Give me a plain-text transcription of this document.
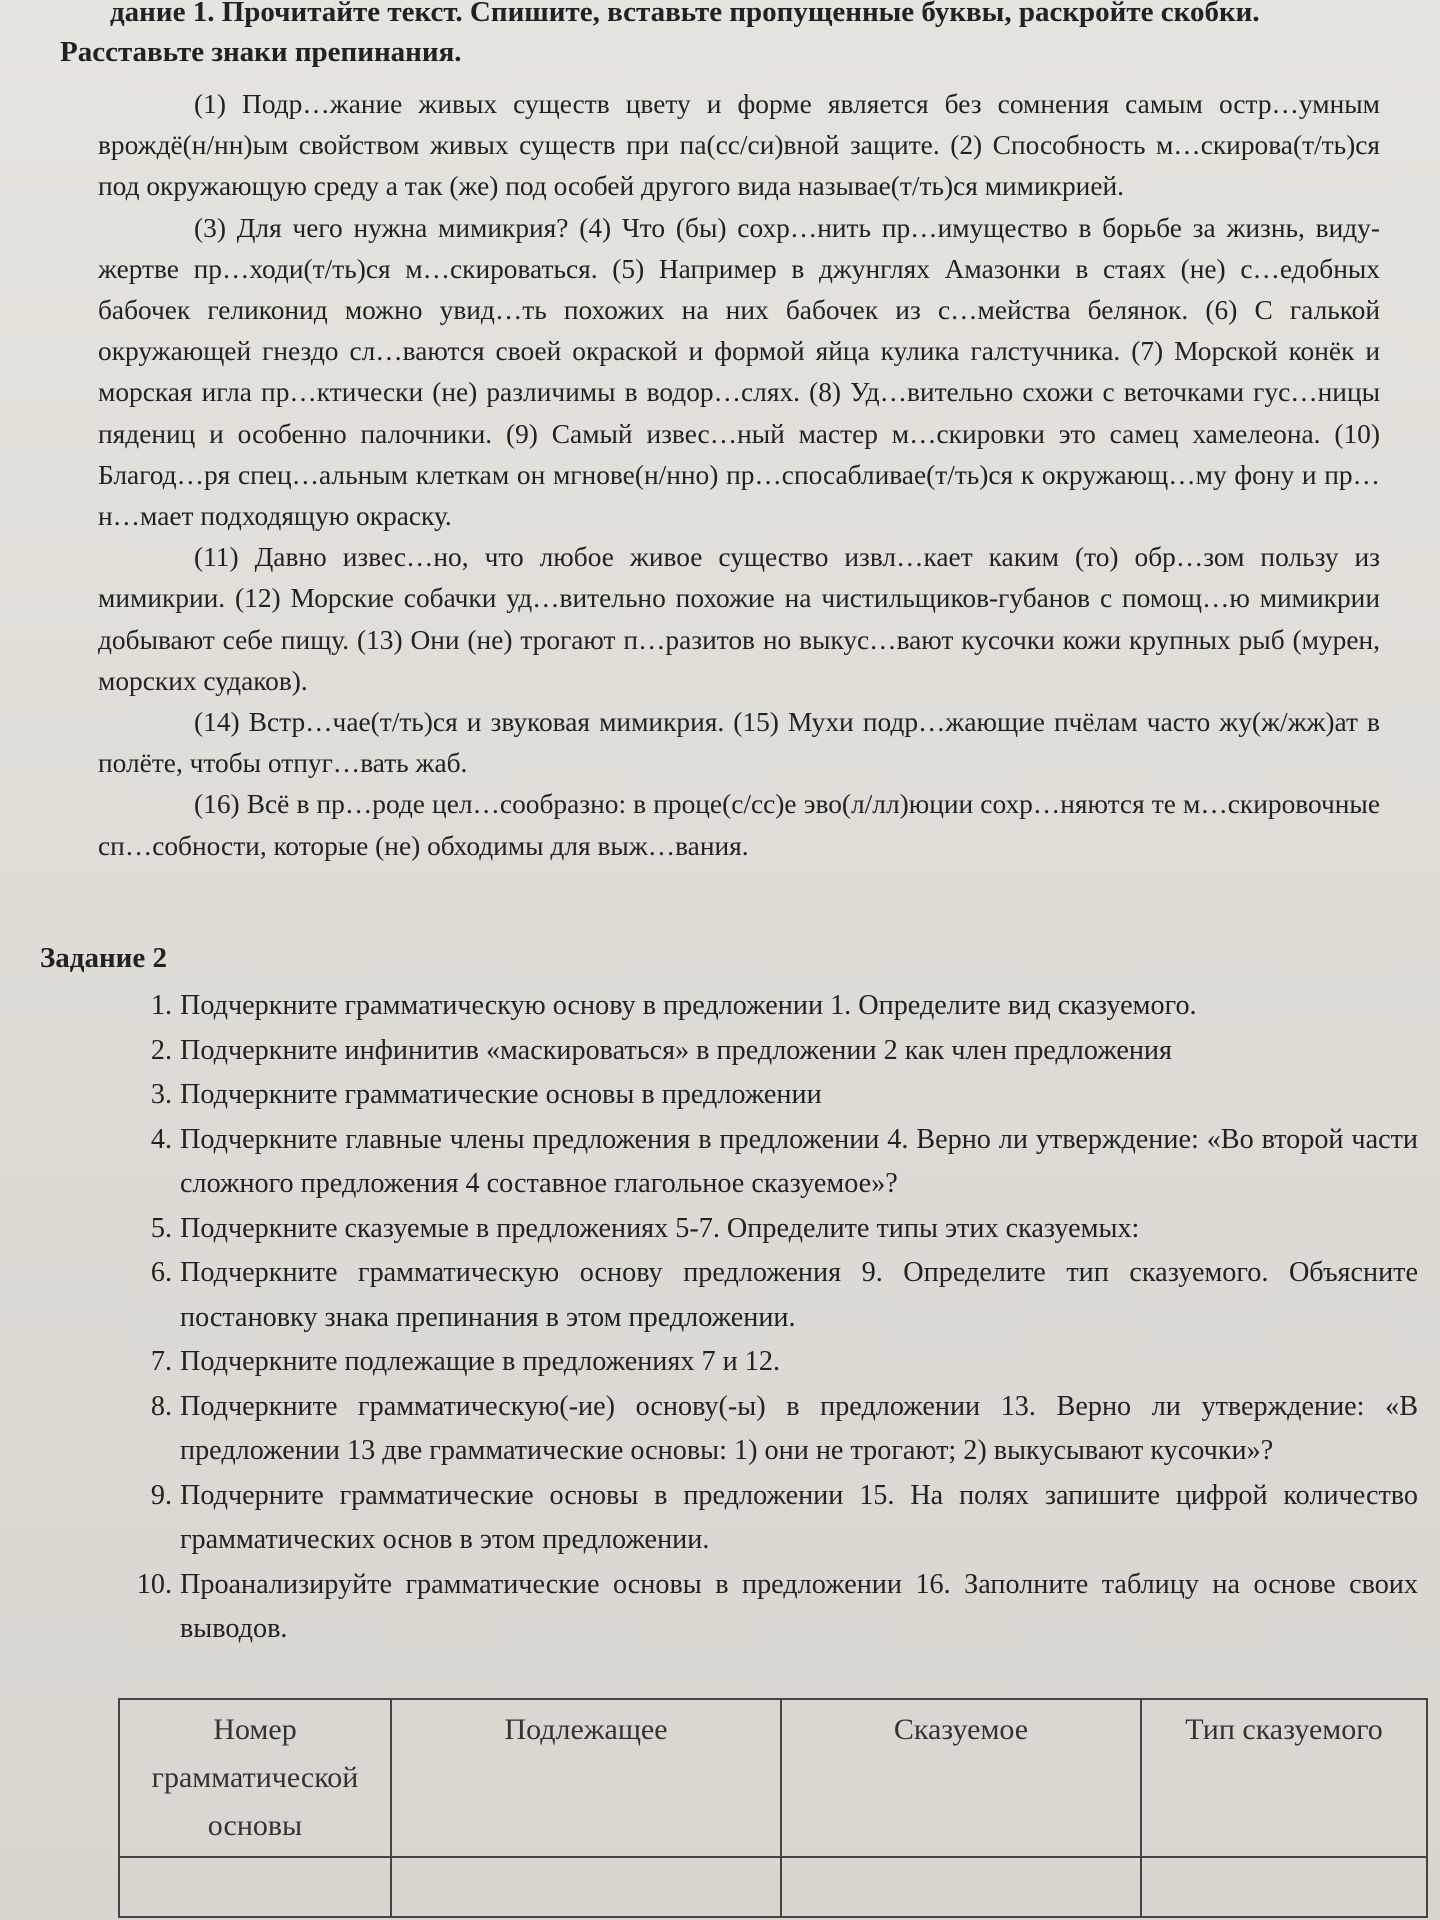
дание 1. Прочитайте текст. Спишите, вставьте пропущенные буквы, раскройте скобки.
Расставьте знаки препинания.

(1) Подр…жание живых существ цвету и форме является без сомнения самым остр…умным врождё(н/нн)ым свойством живых существ при па(сс/си)вной защите. (2) Способность м…скирова(т/ть)ся под окружающую среду а так (же) под особей другого вида называе(т/ть)ся мимикрией.

(3) Для чего нужна мимикрия? (4) Что (бы) сохр…нить пр…имущество в борьбе за жизнь, виду-жертве пр…ходи(т/ть)ся м…скироваться. (5) Например в джунглях Амазонки в стаях (не) с…едобных бабочек геликонид можно увид…ть похожих на них бабочек из с…мейства белянок. (6) С галькой окружающей гнездо сл…ваются своей окраской и формой яйца кулика галстучника. (7) Морской конёк и морская игла пр…ктически (не) различимы в водор…слях. (8) Уд…вительно схожи с веточками гус…ницы пядениц и особенно палочники. (9) Самый извес…ный мастер м…скировки это самец хамелеона. (10) Благод…ря спец…альным клеткам он мгнове(н/нно) пр…спосабливае(т/ть)ся к окружающ…му фону и пр…н…мает подходящую окраску.

(11) Давно извес…но, что любое живое существо извл…кает каким (то) обр…зом пользу из мимикрии. (12) Морские собачки уд…вительно похожие на чистильщиков-губанов с помощ…ю мимикрии добывают себе пищу. (13) Они (не) трогают п…разитов но выкус…вают кусочки кожи крупных рыб (мурен, морских судаков).

(14) Встр…чае(т/ть)ся и звуковая мимикрия. (15) Мухи подр…жающие пчёлам часто жу(ж/жж)ат в полёте, чтобы отпуг…вать жаб.

(16) Всё в пр…роде цел…сообразно: в проце(с/сс)е эво(л/лл)юции сохр…няются те м…скировочные сп…собности, которые (не) обходимы для выж…вания.

Задание 2
1. Подчеркните грамматическую основу в предложении 1. Определите вид сказуемого.
2. Подчеркните инфинитив «маскироваться» в предложении 2 как член предложения
3. Подчеркните грамматические основы в предложении
4. Подчеркните главные члены предложения в предложении 4. Верно ли утверждение: «Во второй части сложного предложения 4 составное глагольное сказуемое»?
5. Подчеркните сказуемые в предложениях 5-7. Определите типы этих сказуемых:
6. Подчеркните грамматическую основу предложения 9. Определите тип сказуемого. Объясните постановку знака препинания в этом предложении.
7. Подчеркните подлежащие в предложениях 7 и 12.
8. Подчеркните грамматическую(-ие) основу(-ы) в предложении 13. Верно ли утверждение: «В предложении 13 две грамматические основы: 1) они не трогают; 2) выкусывают кусочки»?
9. Подчерните грамматические основы в предложении 15. На полях запишите цифрой количество грамматических основ в этом предложении.
10. Проанализируйте грамматические основы в предложении 16. Заполните таблицу на основе своих выводов.
Номер грамматической основы	Подлежащее	Сказуемое	Тип сказуемого
